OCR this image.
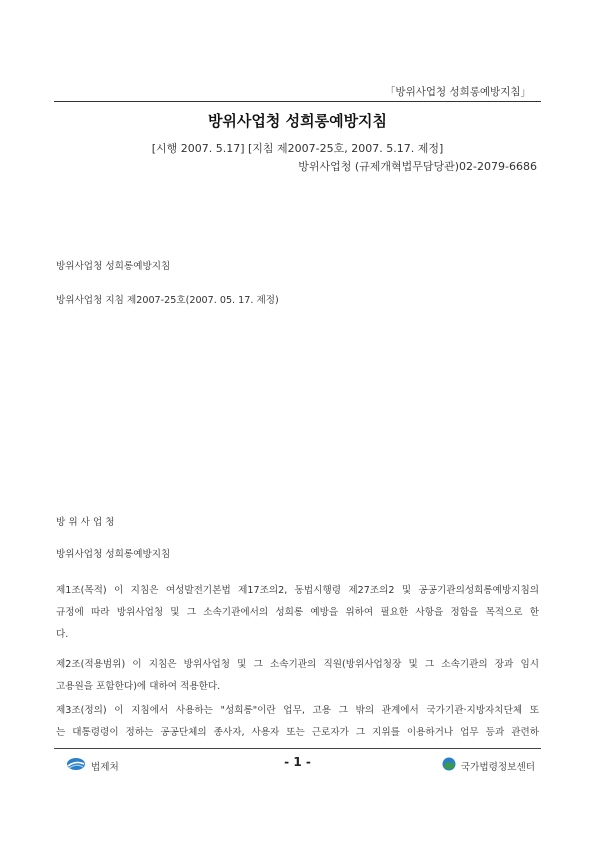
「방위사업청 성희롱예방지침」
방위사업청 성희롱예방지침
[시행 2007. 5.17] [지침 제2007-25호, 2007. 5.17. 제정]
방위사업청 (규제개혁법무담당관)02-2079-6686
방위사업청 성희롱예방지침
방위사업청 지침 제2007-25호(2007. 05. 17. 제정)
방 위 사 업 청
방위사업청 성희롱예방지침
제1조(목적) 이 지침은 여성발전기본법 제17조의2, 동법시행령 제27조의2 및 공공기관의성희롱예방지침의
규정에 따라 방위사업청 및 그 소속기관에서의 성희롱 예방을 위하여 필요한 사항을 정함을 목적으로 한
다.
제2조(적용범위) 이 지침은 방위사업청 및 그 소속기관의 직원(방위사업청장 및 그 소속기관의 장과 임시
고용원을 포함한다)에 대하여 적용한다.
제3조(정의) 이 지침에서 사용하는 "성희롱"이란 업무, 고용 그 밖의 관계에서 국가기관·지방자치단체 또
는 대통령령이 정하는 공공단체의 종사자, 사용자 또는 근로자가 그 지위를 이용하거나 업무 등과 관련하
법제처	- 1 -	국가법령정보센터
